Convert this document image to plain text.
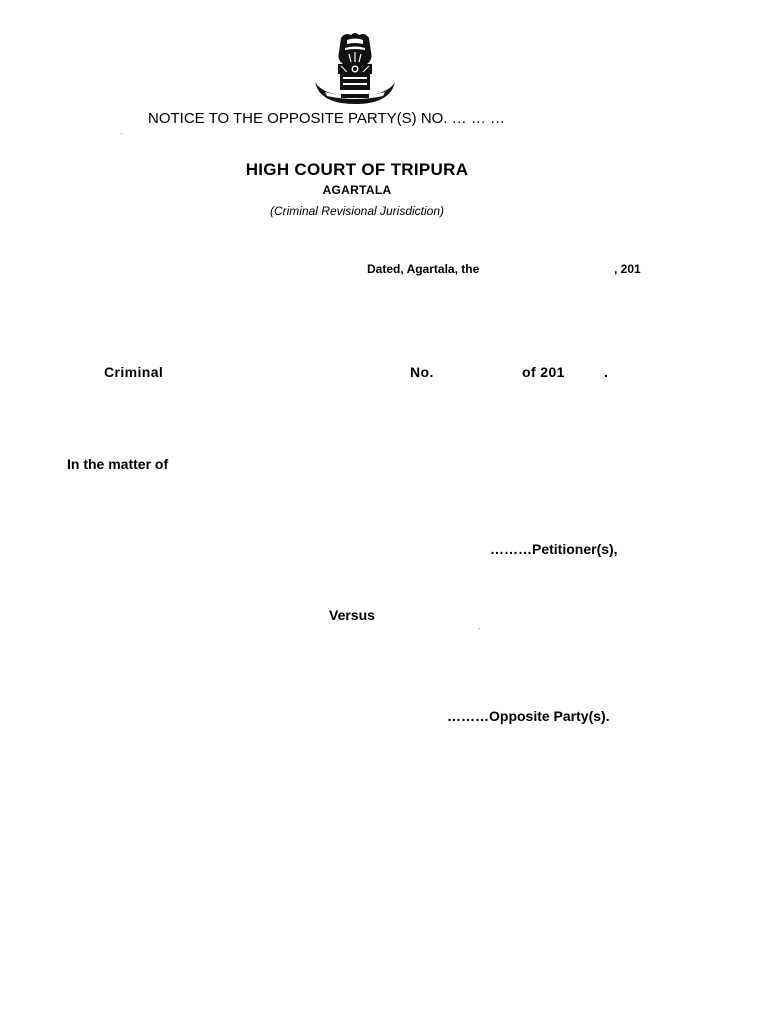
NOTICE TO THE OPPOSITE PARTY(S) NO. … … …
HIGH COURT OF TRIPURA
AGARTALA
(Criminal Revisional Jurisdiction)
Dated, Agartala, the	, 201
Criminal	No.	of 201	.
In the matter of
………Petitioner(s),
Versus
………Opposite Party(s).
